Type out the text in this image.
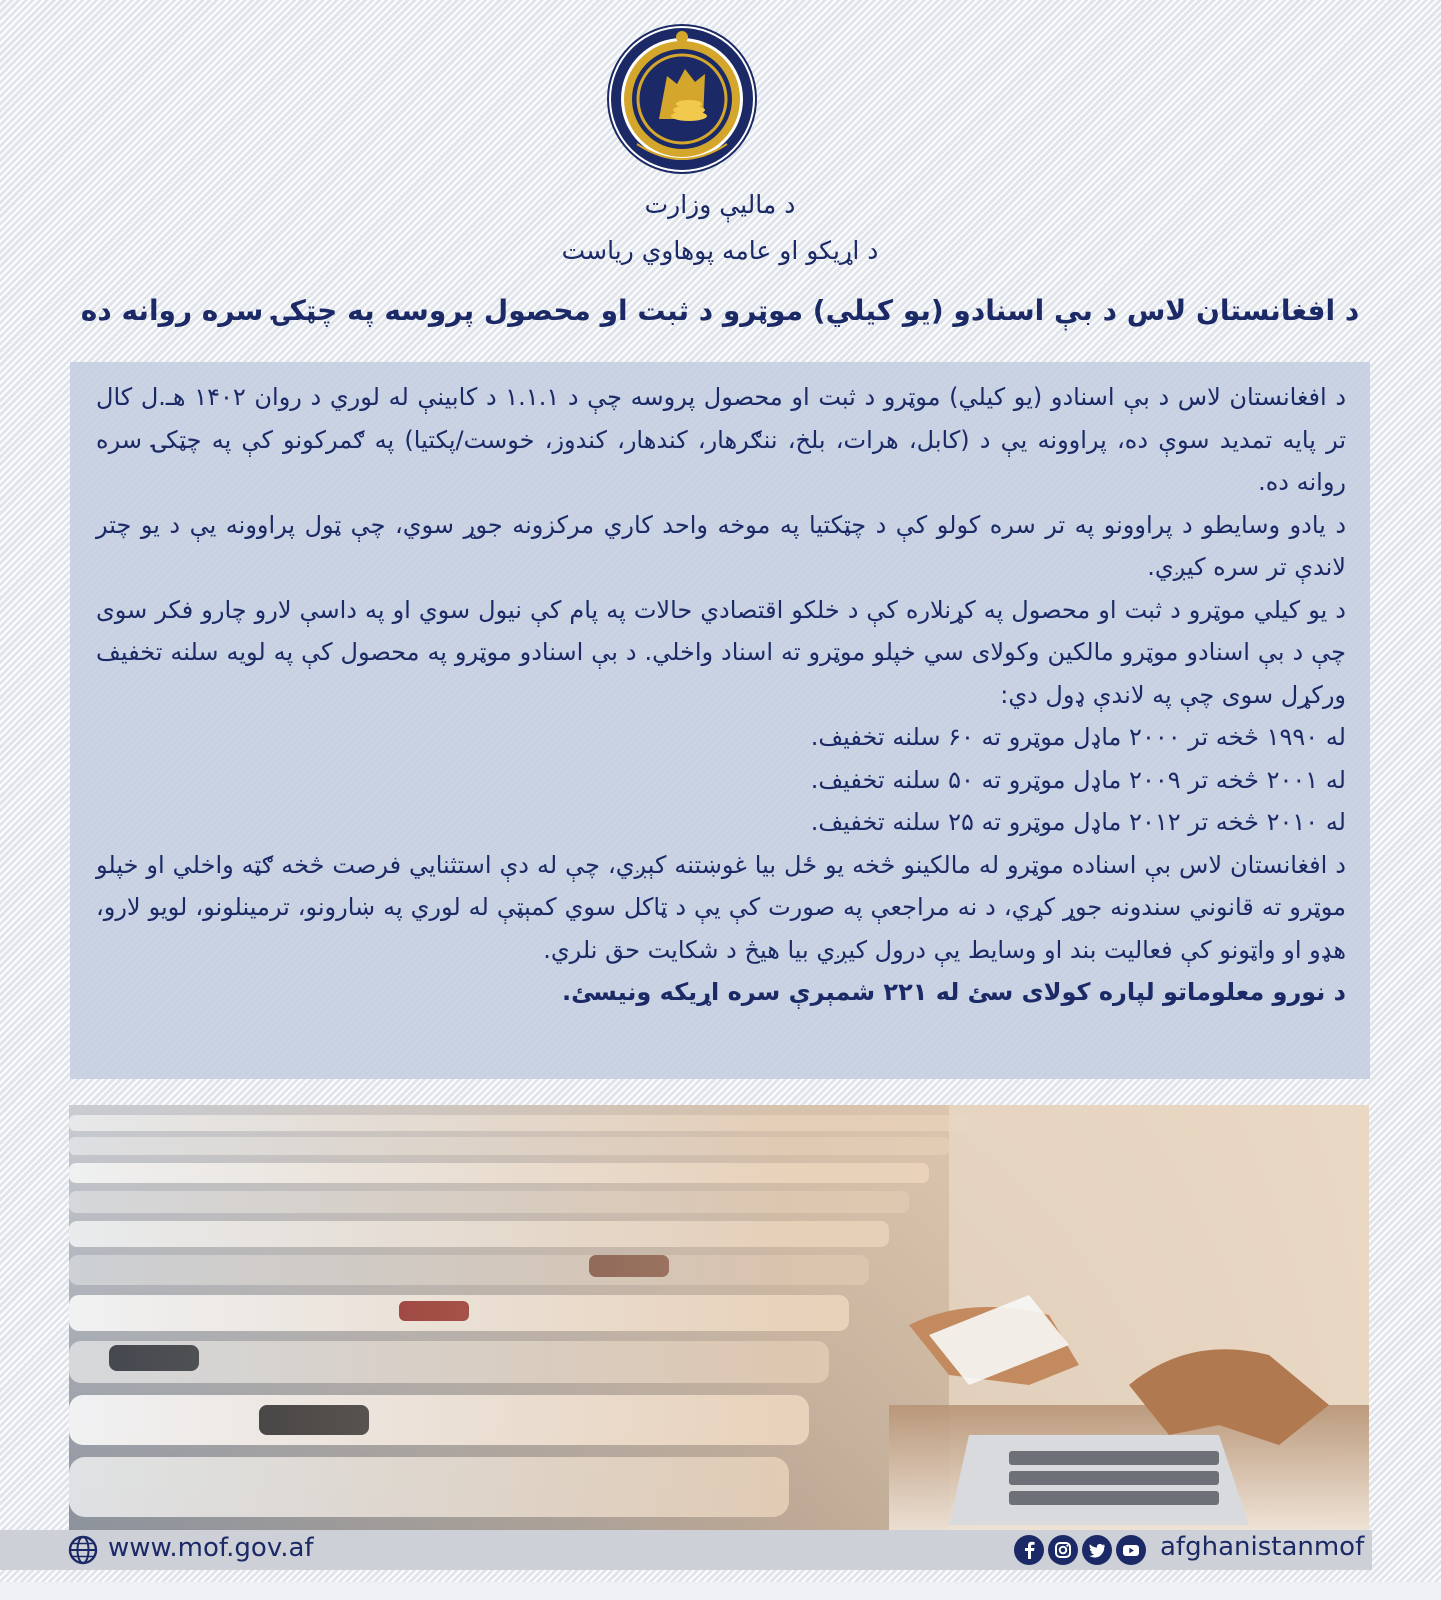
د ماليې وزارت
د اړيکو او عامه پوهاوي رياست
د افغانستان لاس د بې اسنادو (يو کيلي) موټرو د ثبت او محصول پروسه په چټکۍ سره روانه ده

د افغانستان لاس د بې اسنادو (يو کيلي) موټرو د ثبت او محصول پروسه چې د ۱.۱.۱ د کابينې له لوري د روان ۱۴۰۲ هـ.ل کال تر پايه تمديد سوې ده، پراوونه يې د (کابل، هرات، بلخ، ننګرهار، کندهار، کندوز، خوست/پکتيا) په ګمرکونو کې په چټکۍ سره روانه ده.

د يادو وسايطو د پراوونو په تر سره کولو کې د چټکتيا په موخه واحد کاري مرکزونه جوړ سوي، چې ټول پراوونه يې د يو چتر لاندې تر سره کيږي.

د يو کيلي موټرو د ثبت او محصول په کړنلاره کې د خلکو اقتصادي حالات په پام کې نيول سوي او په داسې لارو چارو فکر سوی چې د بې اسنادو موټرو مالکين وکولای سي خپلو موټرو ته اسناد واخلي. د بې اسنادو موټرو په محصول کې په لويه سلنه تخفيف ورکړل سوی چې په لاندې ډول دي:

له ۱۹۹۰ څخه تر ۲۰۰۰ ماډل موټرو ته ۶۰ سلنه تخفيف.

له ۲۰۰۱ څخه تر ۲۰۰۹ ماډل موټرو ته ۵۰ سلنه تخفيف.

له ۲۰۱۰ څخه تر ۲۰۱۲ ماډل موټرو ته ۲۵ سلنه تخفيف.

د افغانستان لاس بې اسناده موټرو له مالکينو څخه يو ځل بيا غوښتنه کېږي، چې له دې استثنايي فرصت څخه ګټه واخلي او خپلو موټرو ته قانوني سندونه جوړ کړي، د نه مراجعې په صورت کې يې د ټاکل سوي کمېټې له لوري په ښارونو، ترمينلونو، لويو لارو، هډو او واټونو کې فعاليت بند او وسايط يې درول کيږي بيا هيڅ د شکايت حق نلري.

د نورو معلوماتو لپاره کولای سئ له ۲۲۱ شمېرې سره اړيکه ونيسئ.

www.mof.gov.af	afghanistanmof
